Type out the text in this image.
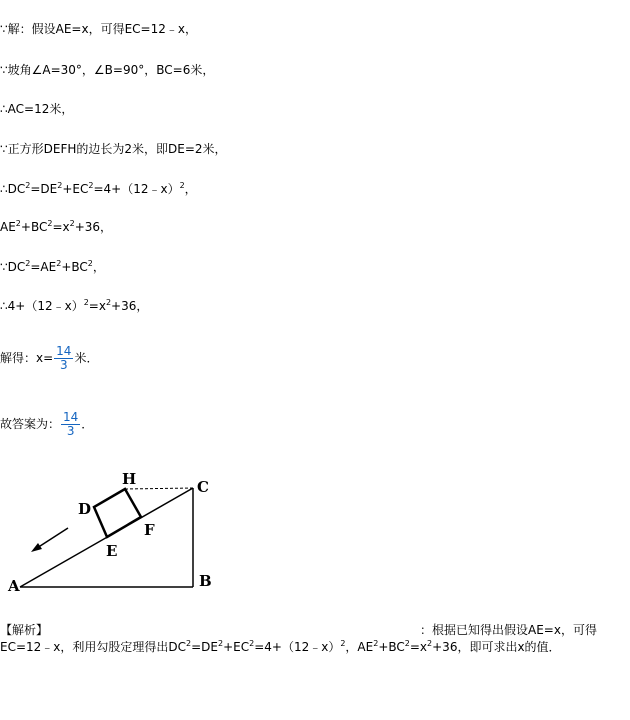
∵解：假设AE=x，可得EC=12﹣x，
∵坡角∠A=30°，∠B=90°，BC=6米，
∴AC=12米，
∵正方形DEFH的边长为2米，即DE=2米，
$\therefore DC^2=DE^2+EC^2=4+(12﹣x)^2$，
$AE^2+BC^2=x^2+36$，
$\because DC^2=AE^2+BC^2$，
$\therefore 4+(12﹣x)^2=x^2+36$，
解得：$x= \frac{14}{3}$ 米．
故答案为： $\frac{14}{3}$ ．
A	B
C
D
E
F
H
【解析】	：根据已知得出假设AE=x，可得
EC=12﹣x，利用勾股定理得出$DC^2=DE^2+EC^2=4+(12﹣x)^2$，$AE^2+BC^2=x^2+36$，即可求出x的值．
